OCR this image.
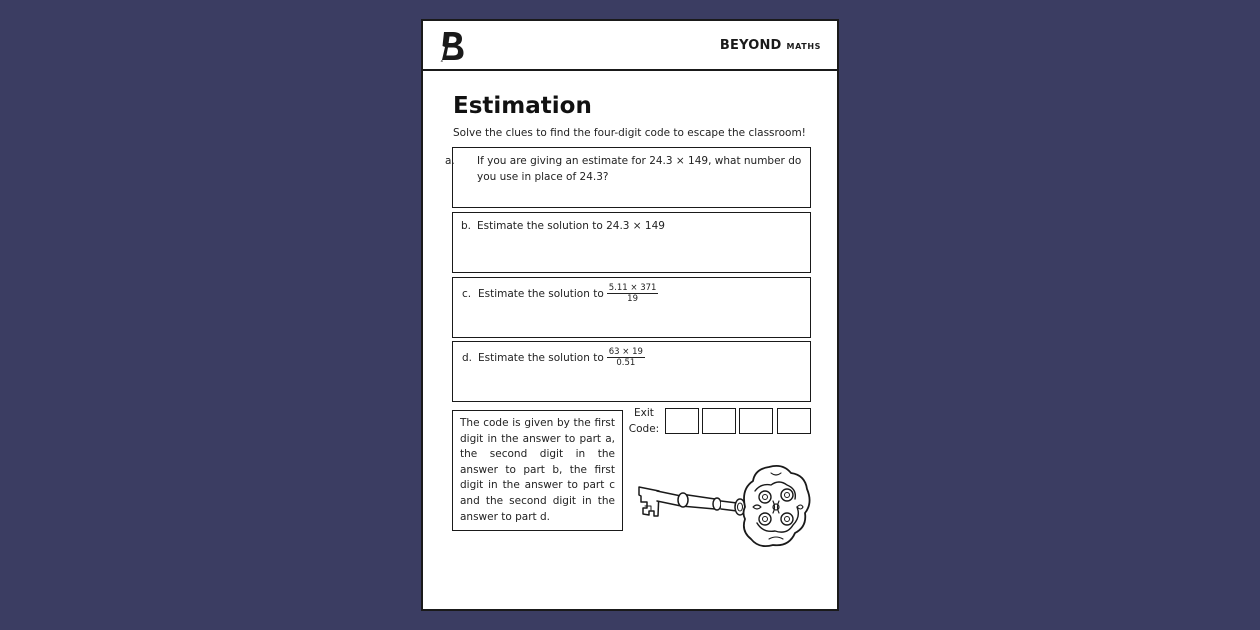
BEYOND MATHS
Estimation
Solve the clues to find the four-digit code to escape the classroom!
a. If you are giving an estimate for 24.3 × 149, what number do you use in place of 24.3?
b. Estimate the solution to 24.3 × 149
c. Estimate the solution to $\frac{5.11 \times 371}{19}$
d. Estimate the solution to $\frac{63 \times 19}{0.51}$
The code is given by the first digit in the answer to part a, the second digit in the answer to part b, the first digit in the answer to part c and the second digit in the answer to part d.
Exit
Code:
